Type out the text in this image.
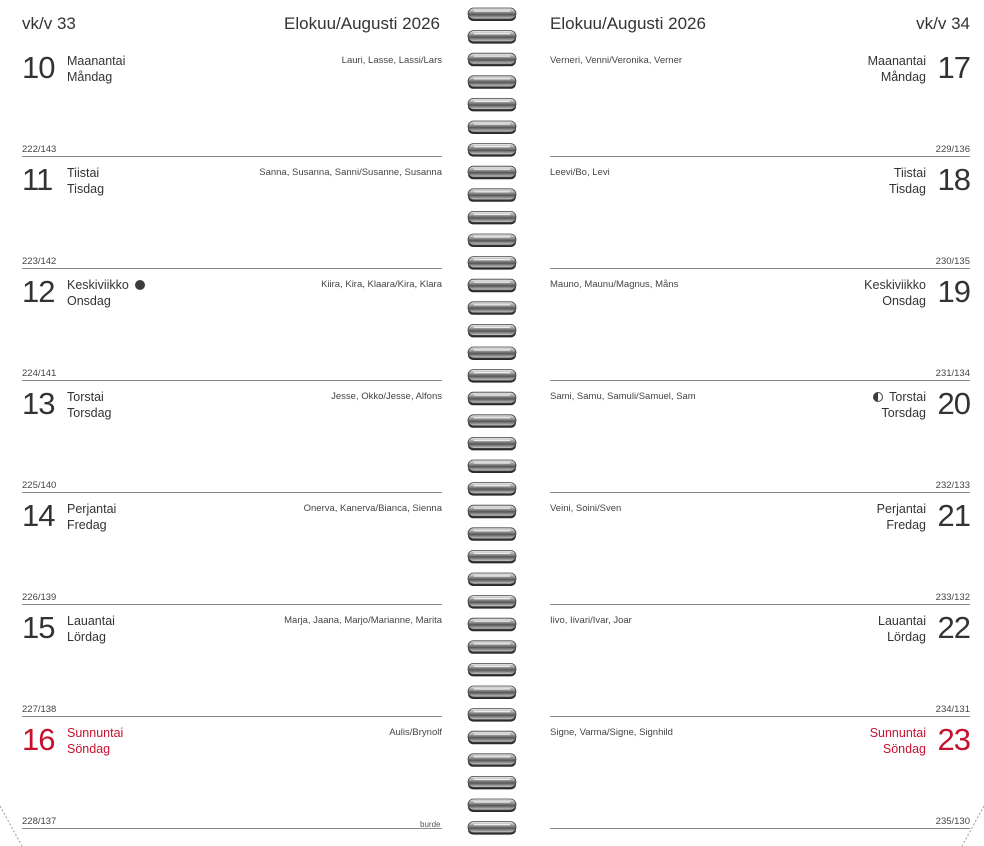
vk/v 33	Elokuu/Augusti 2026
10 Maanantai
Måndag
Lauri, Lasse, Lassi/Lars
222/143
11 Tiistai
Tisdag
Sanna, Susanna, Sanni/Susanne, Susanna
223/142
12 Keskiviikko
Onsdag
Kiira, Kira, Klaara/Kira, Klara
224/141
13 Torstai
Torsdag
Jesse, Okko/Jesse, Alfons
225/140
14 Perjantai
Fredag
Onerva, Kanerva/Bianca, Sienna
226/139
15 Lauantai
Lördag
Marja, Jaana, Marjo/Marianne, Marita
227/138
16 Sunnuntai
Söndag
Aulis/Brynolf
228/137	burde
Elokuu/Augusti 2026	vk/v 34
17
Maanantai
Måndag
Verneri, Venni/Veronika, Verner
229/136
18
Tiistai
Tisdag
Leevi/Bo, Levi
230/135
19
Keskiviikko
Onsdag
Mauno, Maunu/Magnus, Måns
231/134
20
Torstai
Torsdag
Sami, Samu, Samuli/Samuel, Sam
232/133
21
Perjantai
Fredag
Veini, Soini/Sven
233/132
22
Lauantai
Lördag
Iivo, Iivari/Ivar, Joar
234/131
23
Sunnuntai
Söndag
Signe, Varma/Signe, Signhild
235/130
